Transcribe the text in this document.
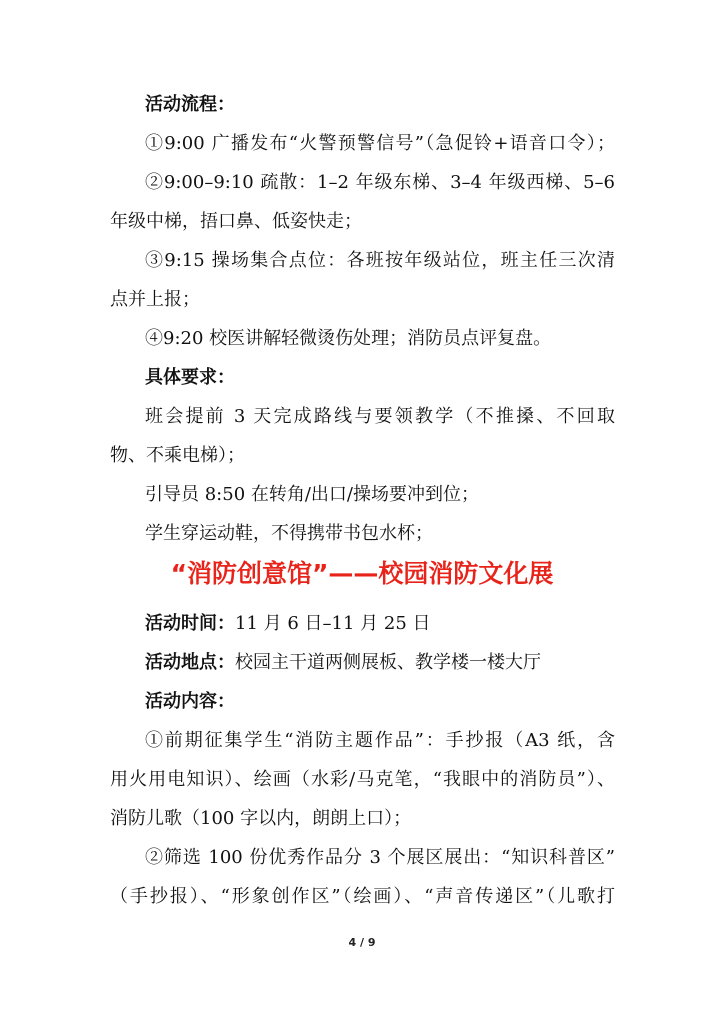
活动流程：
①9:00 广播发布“火警预警信号”（急促铃+语音口令）；
②9:00–9:10 疏散：1–2 年级东梯、3–4 年级西梯、5–6
年级中梯，捂口鼻、低姿快走；
③9:15 操场集合点位：各班按年级站位，班主任三次清
点并上报；
④9:20 校医讲解轻微烫伤处理；消防员点评复盘。
具体要求：
班会提前 3 天完成路线与要领教学（不推搡、不回取
物、不乘电梯）；
引导员 8:50 在转角/出口/操场要冲到位；
学生穿运动鞋，不得携带书包水杯；
“消防创意馆”——校园消防文化展
活动时间：11 月 6 日–11 月 25 日
活动地点：校园主干道两侧展板、教学楼一楼大厅
活动内容：
①前期征集学生“消防主题作品”：手抄报（A3 纸，含
用火用电知识）、绘画（水彩/马克笔，“我眼中的消防员”）、
消防儿歌（100 字以内，朗朗上口）；
②筛选 100 份优秀作品分 3 个展区展出：“知识科普区”
（手抄报）、“形象创作区”（绘画）、“声音传递区”（儿歌打
4 / 9
